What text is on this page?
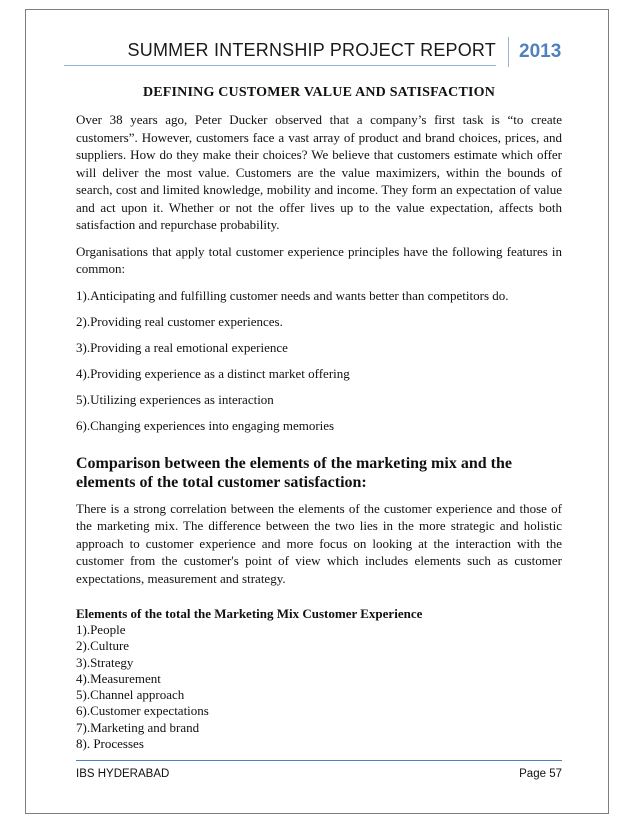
SUMMER INTERNSHIP PROJECT REPORT	2013
DEFINING CUSTOMER VALUE AND SATISFACTION

Over 38 years ago, Peter Ducker observed that a company’s first task is “to create customers”. However, customers face a vast array of product and brand choices, prices, and suppliers. How do they make their choices? We believe that customers estimate which offer will deliver the most value. Customers are the value maximizers, within the bounds of search, cost and limited knowledge, mobility and income. They form an expectation of value and act upon it. Whether or not the offer lives up to the value expectation, affects both satisfaction and repurchase probability.

Organisations that apply total customer experience principles have the following features in common:

1).Anticipating and fulfilling customer needs and wants better than competitors do.

2).Providing real customer experiences.

3).Providing a real emotional experience

4).Providing experience as a distinct market offering

5).Utilizing experiences as interaction

6).Changing experiences into engaging memories

Comparison between the elements of the marketing mix and the elements of the total customer satisfaction:

There is a strong correlation between the elements of the customer experience and those of the marketing mix. The difference between the two lies in the more strategic and holistic approach to customer experience and more focus on looking at the interaction with the customer from the customer's point of view which includes elements such as customer expectations, measurement and strategy.

Elements of the total the Marketing Mix Customer Experience

1).People

2).Culture

3).Strategy

4).Measurement

5).Channel approach

6).Customer expectations

7).Marketing and brand

8). Processes

IBS HYDERABAD	Page 57
